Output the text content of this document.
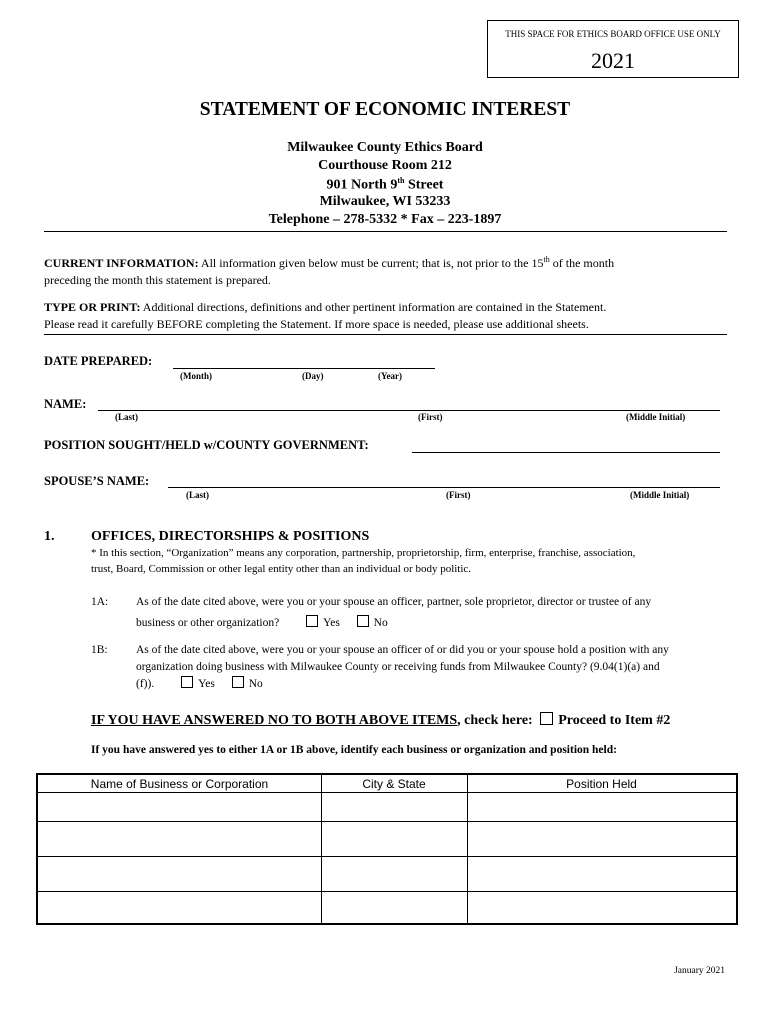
THIS SPACE FOR ETHICS BOARD OFFICE USE ONLY
2021
STATEMENT OF ECONOMIC INTEREST
Milwaukee County Ethics Board
Courthouse Room 212
901 North 9th Street
Milwaukee, WI 53233
Telephone – 278-5332 * Fax – 223-1897
CURRENT INFORMATION: All information given below must be current; that is, not prior to the 15th of the month
preceding the month this statement is prepared.
TYPE OR PRINT: Additional directions, definitions and other pertinent information are contained in the Statement.
Please read it carefully BEFORE completing the Statement. If more space is needed, please use additional sheets.
DATE PREPARED:
(Month)	(Day)	(Year)
NAME:
(Last)	(First)	(Middle Initial)
POSITION SOUGHT/HELD w/COUNTY GOVERNMENT:
SPOUSE’S NAME:
(Last)	(First)	(Middle Initial)
1.	OFFICES, DIRECTORSHIPS & POSITIONS
* In this section, “Organization” means any corporation, partnership, proprietorship, firm, enterprise, franchise, association,
trust, Board, Commission or other legal entity other than an individual or body politic.
1A: As of the date cited above, were you or your spouse an officer, partner, sole proprietor, director or trustee of any
business or other organization?	Yes	No
1B: As of the date cited above, were you or your spouse an officer of or did you or your spouse hold a position with any
organization doing business with Milwaukee County or receiving funds from Milwaukee County? (9.04(1)(a) and
(f)).	Yes	No
IF YOU HAVE ANSWERED NO TO BOTH ABOVE ITEMS, check here: Proceed to Item #2
If you have answered yes to either 1A or 1B above, identify each business or organization and position held:
Name of Business or Corporation	City & State	Position Held
January 2021
